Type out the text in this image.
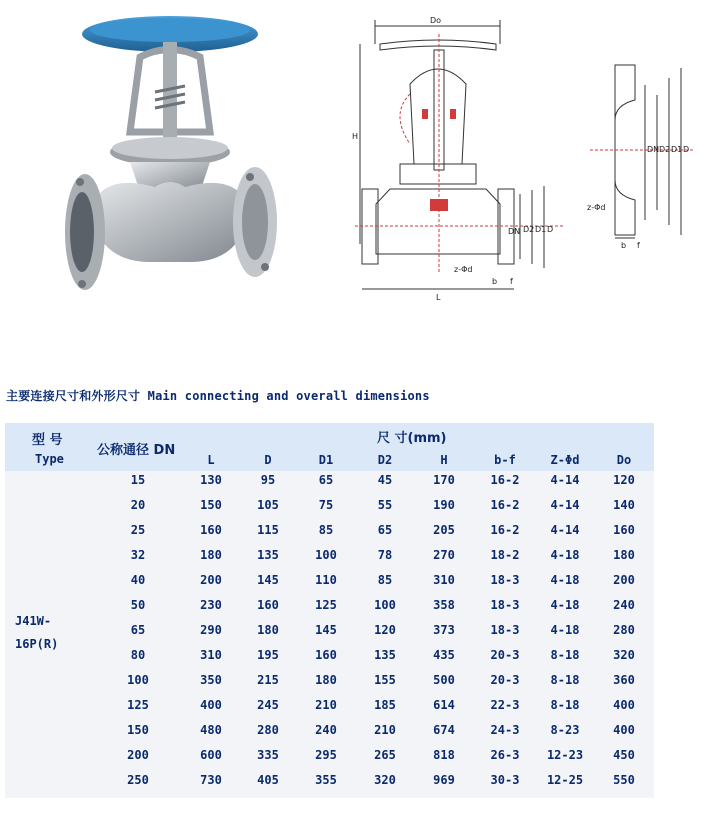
Do
H
L
DN D2 D1 D
z-Φd
b f
DN D2 D1 D
z-Φd
b f
主要连接尺寸和外形尺寸 Main connecting and overall dimensions
型 号
Type
公称通径 DN
尺 寸(mm)
L	D	D1	D2	H	b-f	Z-Φd	Do
J41W-
16P(R)
15	130	95	65	45	170	16-2	4-14	120
20	150	105	75	55	190	16-2	4-14	140
25	160	115	85	65	205	16-2	4-14	160
32	180	135	100	78	270	18-2	4-18	180
40	200	145	110	85	310	18-3	4-18	200
50	230	160	125	100	358	18-3	4-18	240
65	290	180	145	120	373	18-3	4-18	280
80	310	195	160	135	435	20-3	8-18	320
100	350	215	180	155	500	20-3	8-18	360
125	400	245	210	185	614	22-3	8-18	400
150	480	280	240	210	674	24-3	8-23	400
200	600	335	295	265	818	26-3	12-23	450
250	730	405	355	320	969	30-3	12-25	550
